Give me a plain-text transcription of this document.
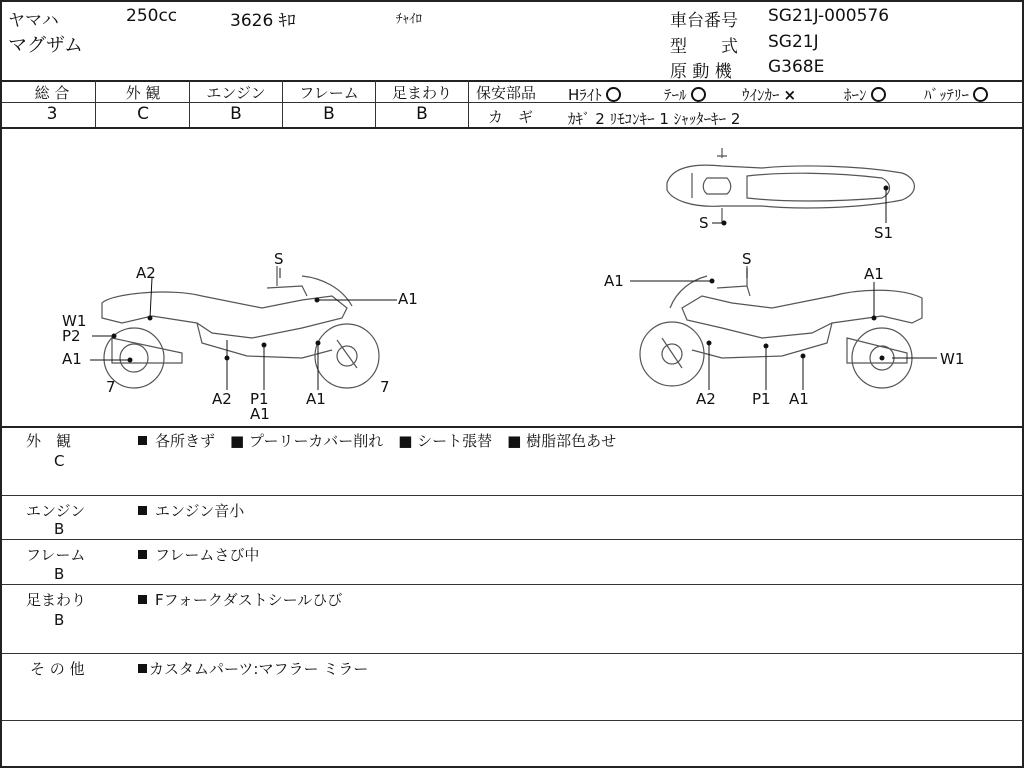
ヤマハ	250cc	3626 ｷﾛ	ﾁｬｲﾛ
マグザム
車台番号 SG21J-000576
型　　式 SG21J
原 動 機 G368E
総 合	外 観	エンジン	フレーム	足まわり
3	C	B	B	B
保安部品 Hﾗｲﾄ	ﾃｰﾙ	ｳｲﾝｶｰ ×	ﾎｰﾝ	ﾊﾞｯﾃﾘｰ
カ　ギ ｶｷﾞ 2 ﾘﾓｺﾝｷｰ 1 ｼｬｯﾀｰｷｰ 2
A2
S
A1
W1
P2
A1
7
A2 P1
A1
A1
7
S
S1
A1
S
A1
W1
A2 P1 A1
外　観
C
各所きず　■ プーリーカバー削れ　■ シート張替　■ 樹脂部色あせ
エンジン
B
エンジン音小
フレーム
B
フレームさび中
足まわり
B
Fフォークダストシールひび
そ の 他	カスタムパーツ:マフラー ミラー
